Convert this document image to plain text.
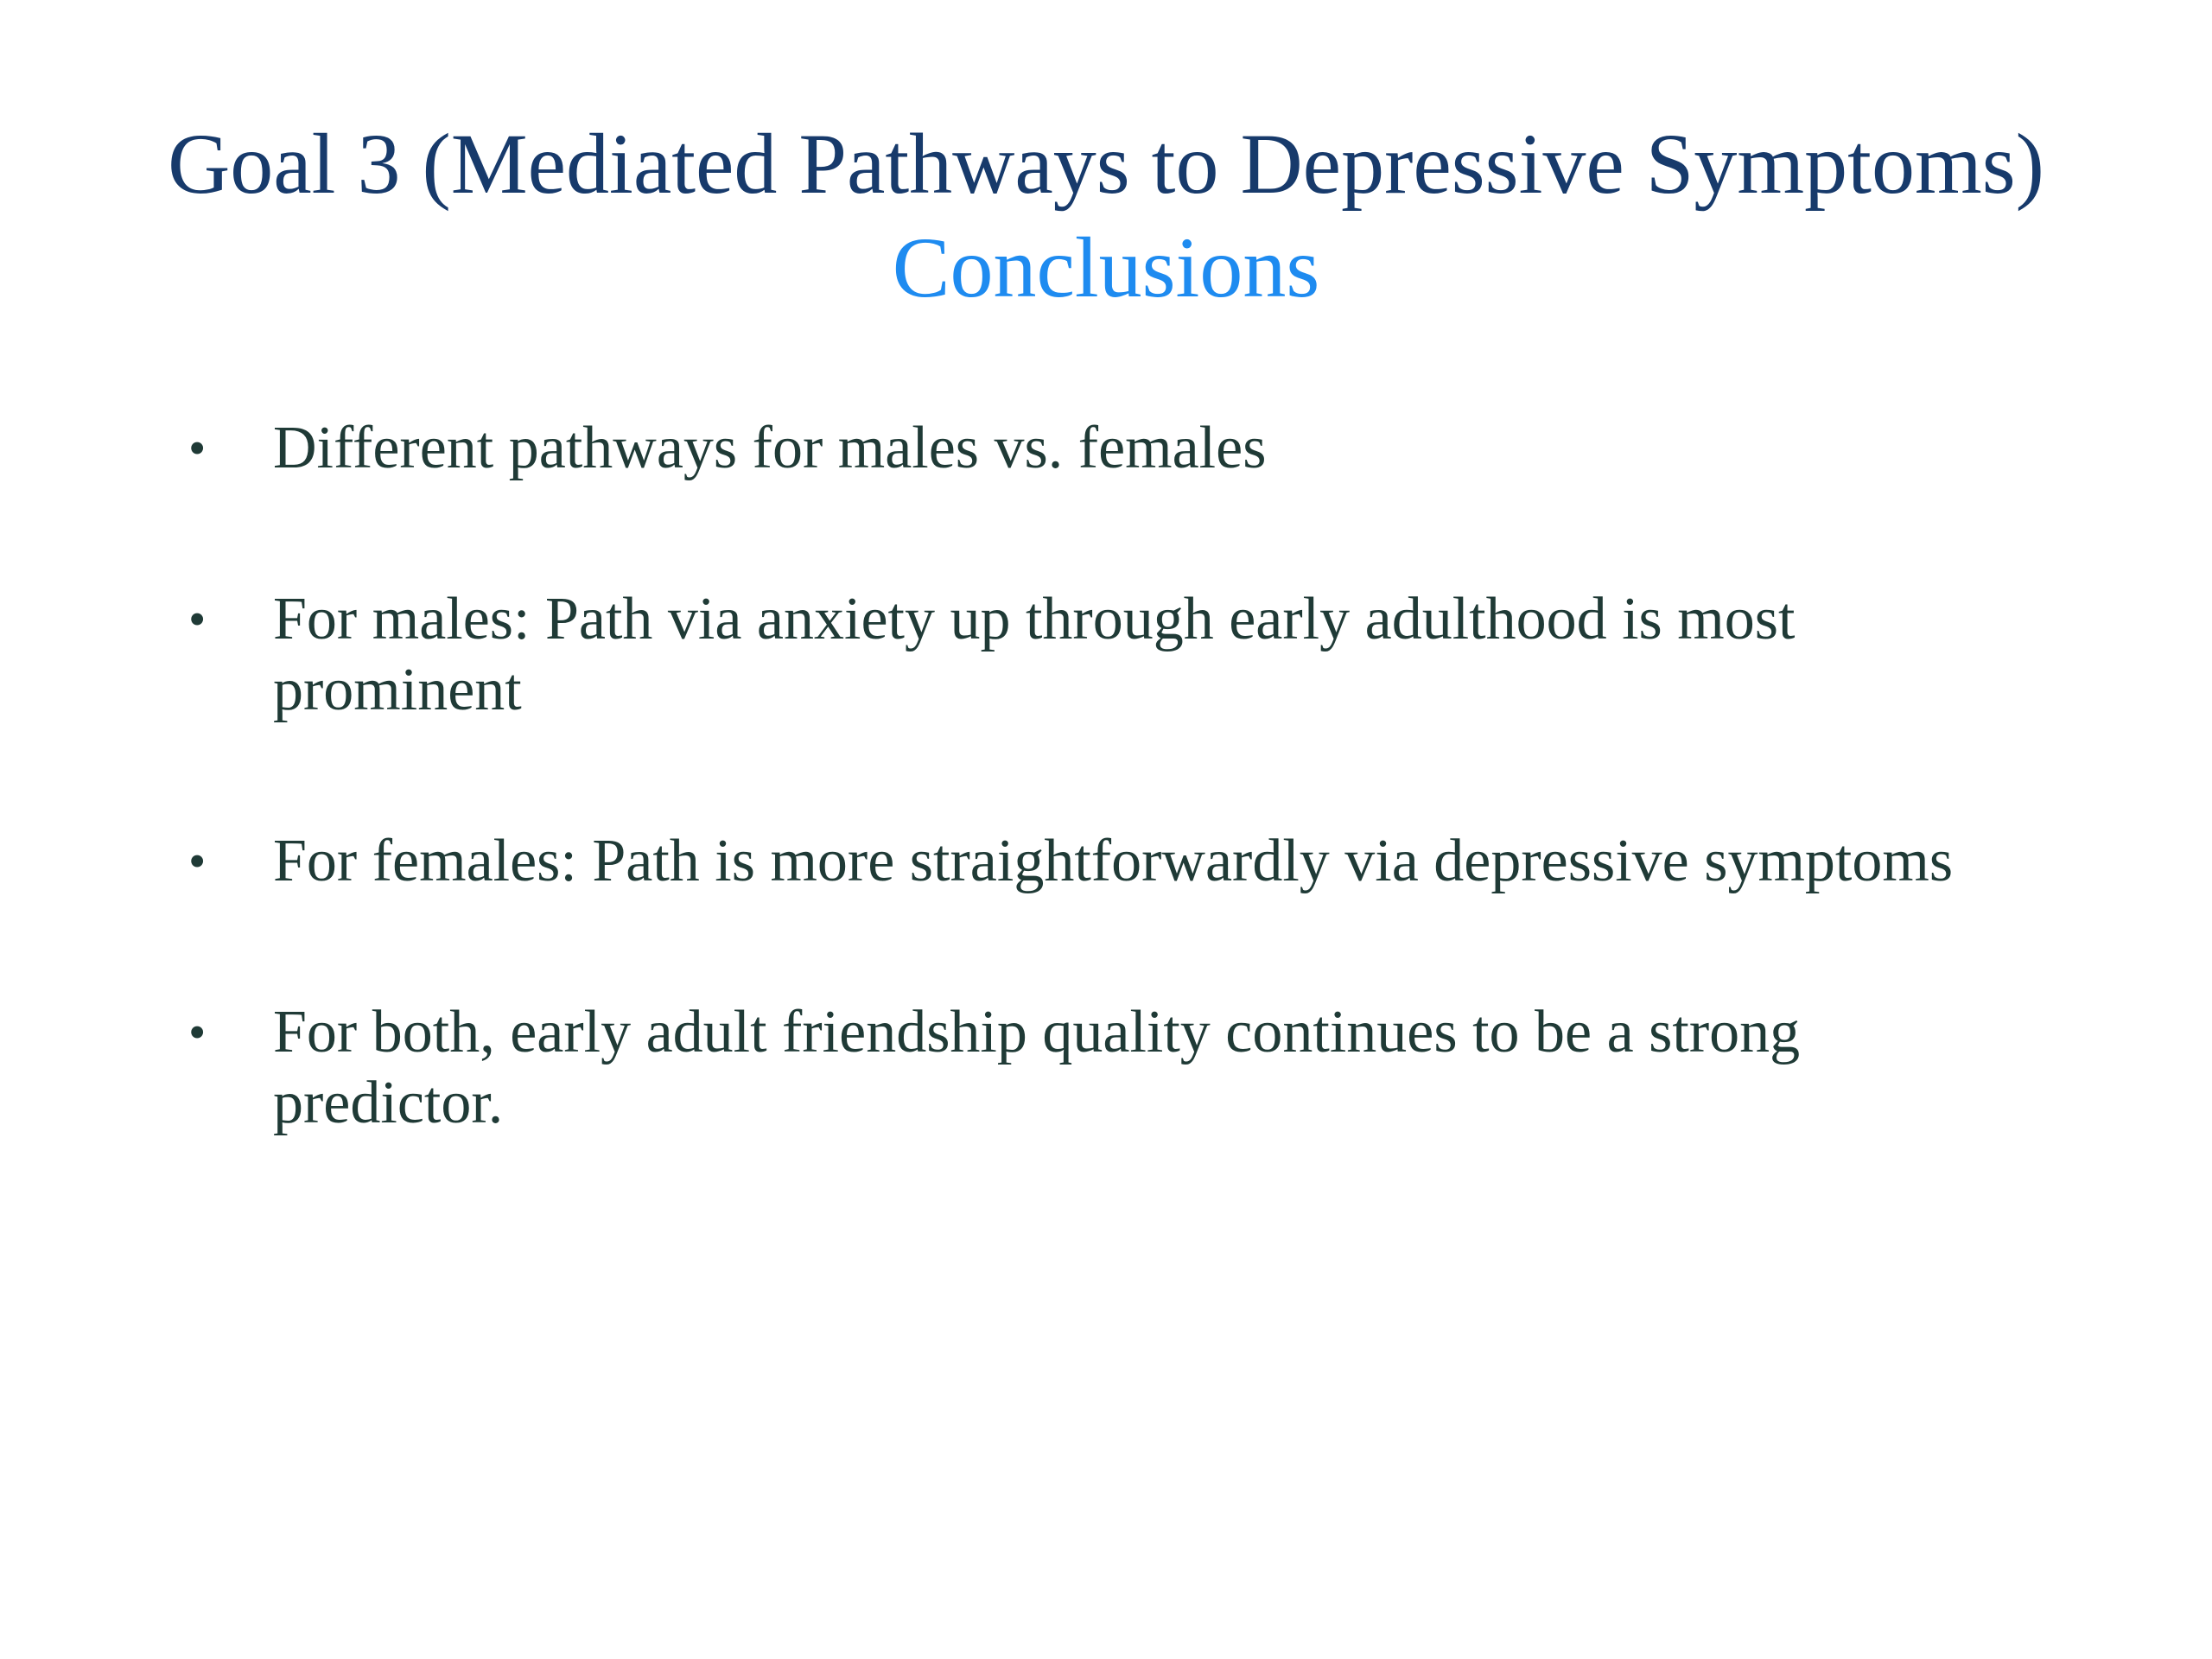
Goal 3 (Mediated Pathways to Depressive Symptoms)
Conclusions
• Different pathways for males vs. females
• For males: Path via anxiety up through early adulthood is most prominent
• For females: Path is more straightforwardly via depressive symptoms
• For both, early adult friendship quality continues to be a strong predictor.
